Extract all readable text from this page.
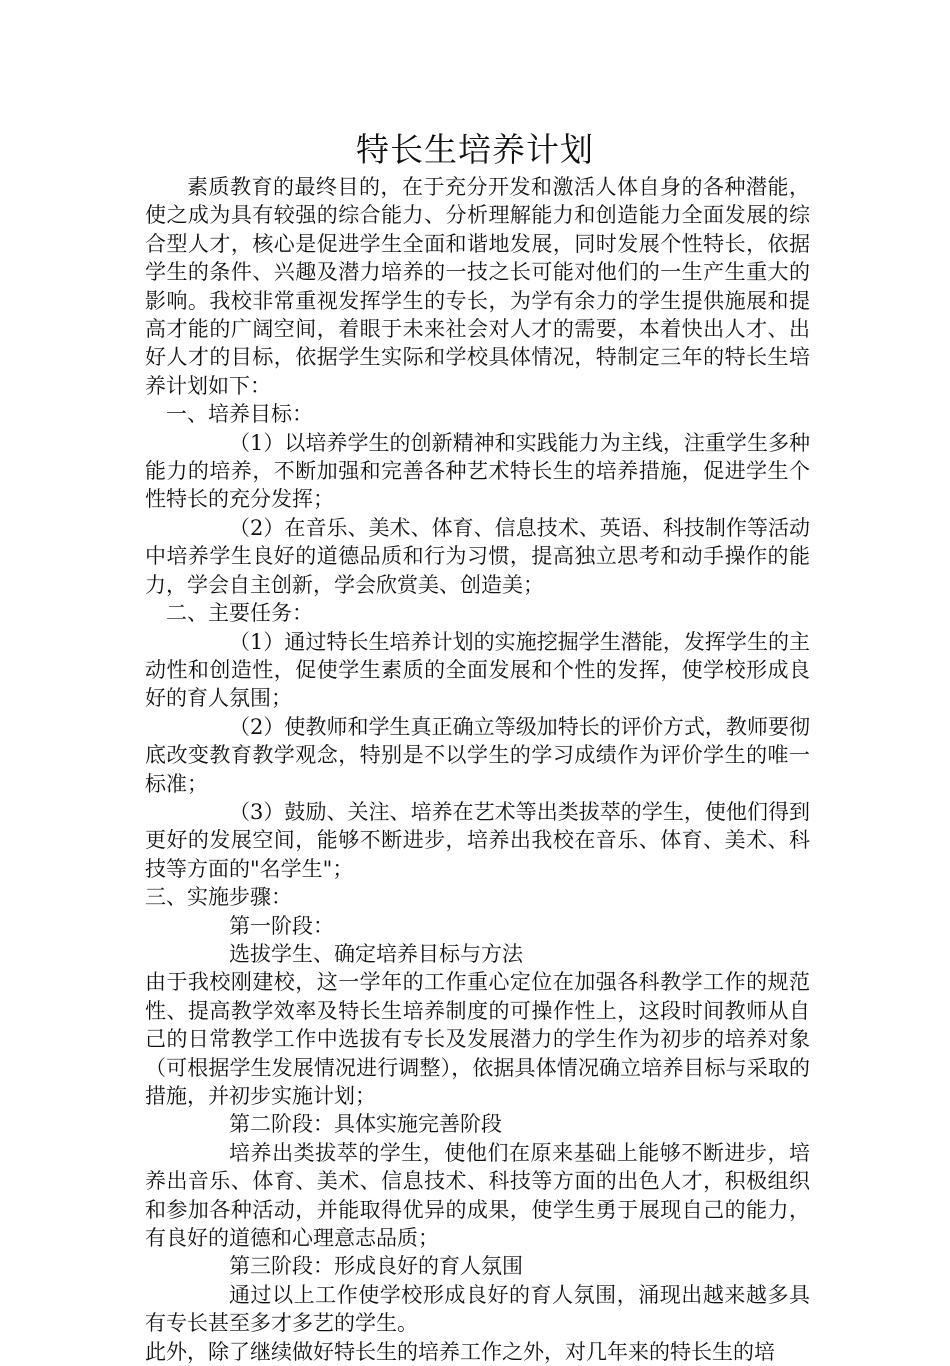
特长生培养计划

素质教育的最终目的，在于充分开发和激活人体自身的各种潜能，使之成为具有较强的综合能力、分析理解能力和创造能力全面发展的综合型人才，核心是促进学生全面和谐地发展，同时发展个性特长，依据学生的条件、兴趣及潜力培养的一技之长可能对他们的一生产生重大的影响。我校非常重视发挥学生的专长，为学有余力的学生提供施展和提高才能的广阔空间，着眼于未来社会对人才的需要，本着快出人才、出好人才的目标，依据学生实际和学校具体情况，特制定三年的特长生培养计划如下：

一、培养目标：

（1）以培养学生的创新精神和实践能力为主线，注重学生多种能力的培养，不断加强和完善各种艺术特长生的培养措施，促进学生个性特长的充分发挥；

（2）在音乐、美术、体育、信息技术、英语、科技制作等活动中培养学生良好的道德品质和行为习惯，提高独立思考和动手操作的能力，学会自主创新，学会欣赏美、创造美；

二、主要任务：

（1）通过特长生培养计划的实施挖掘学生潜能，发挥学生的主动性和创造性，促使学生素质的全面发展和个性的发挥，使学校形成良好的育人氛围；

（2）使教师和学生真正确立等级加特长的评价方式，教师要彻底改变教育教学观念，特别是不以学生的学习成绩作为评价学生的唯一标准；

（3）鼓励、关注、培养在艺术等出类拔萃的学生，使他们得到更好的发展空间，能够不断进步，培养出我校在音乐、体育、美术、科技等方面的"名学生"；

三、实施步骤：

第一阶段：

选拔学生、确定培养目标与方法

由于我校刚建校，这一学年的工作重心定位在加强各科教学工作的规范性、提高教学效率及特长生培养制度的可操作性上，这段时间教师从自己的日常教学工作中选拔有专长及发展潜力的学生作为初步的培养对象（可根据学生发展情况进行调整），依据具体情况确立培养目标与采取的措施，并初步实施计划；

第二阶段：具体实施完善阶段

培养出类拔萃的学生，使他们在原来基础上能够不断进步，培养出音乐、体育、美术、信息技术、科技等方面的出色人才，积极组织和参加各种活动，并能取得优异的成果，使学生勇于展现自己的能力，有良好的道德和心理意志品质；

第三阶段：形成良好的育人氛围

通过以上工作使学校形成良好的育人氛围，涌现出越来越多具有专长甚至多才多艺的学生。

此外，除了继续做好特长生的培养工作之外，对几年来的特长生的培
